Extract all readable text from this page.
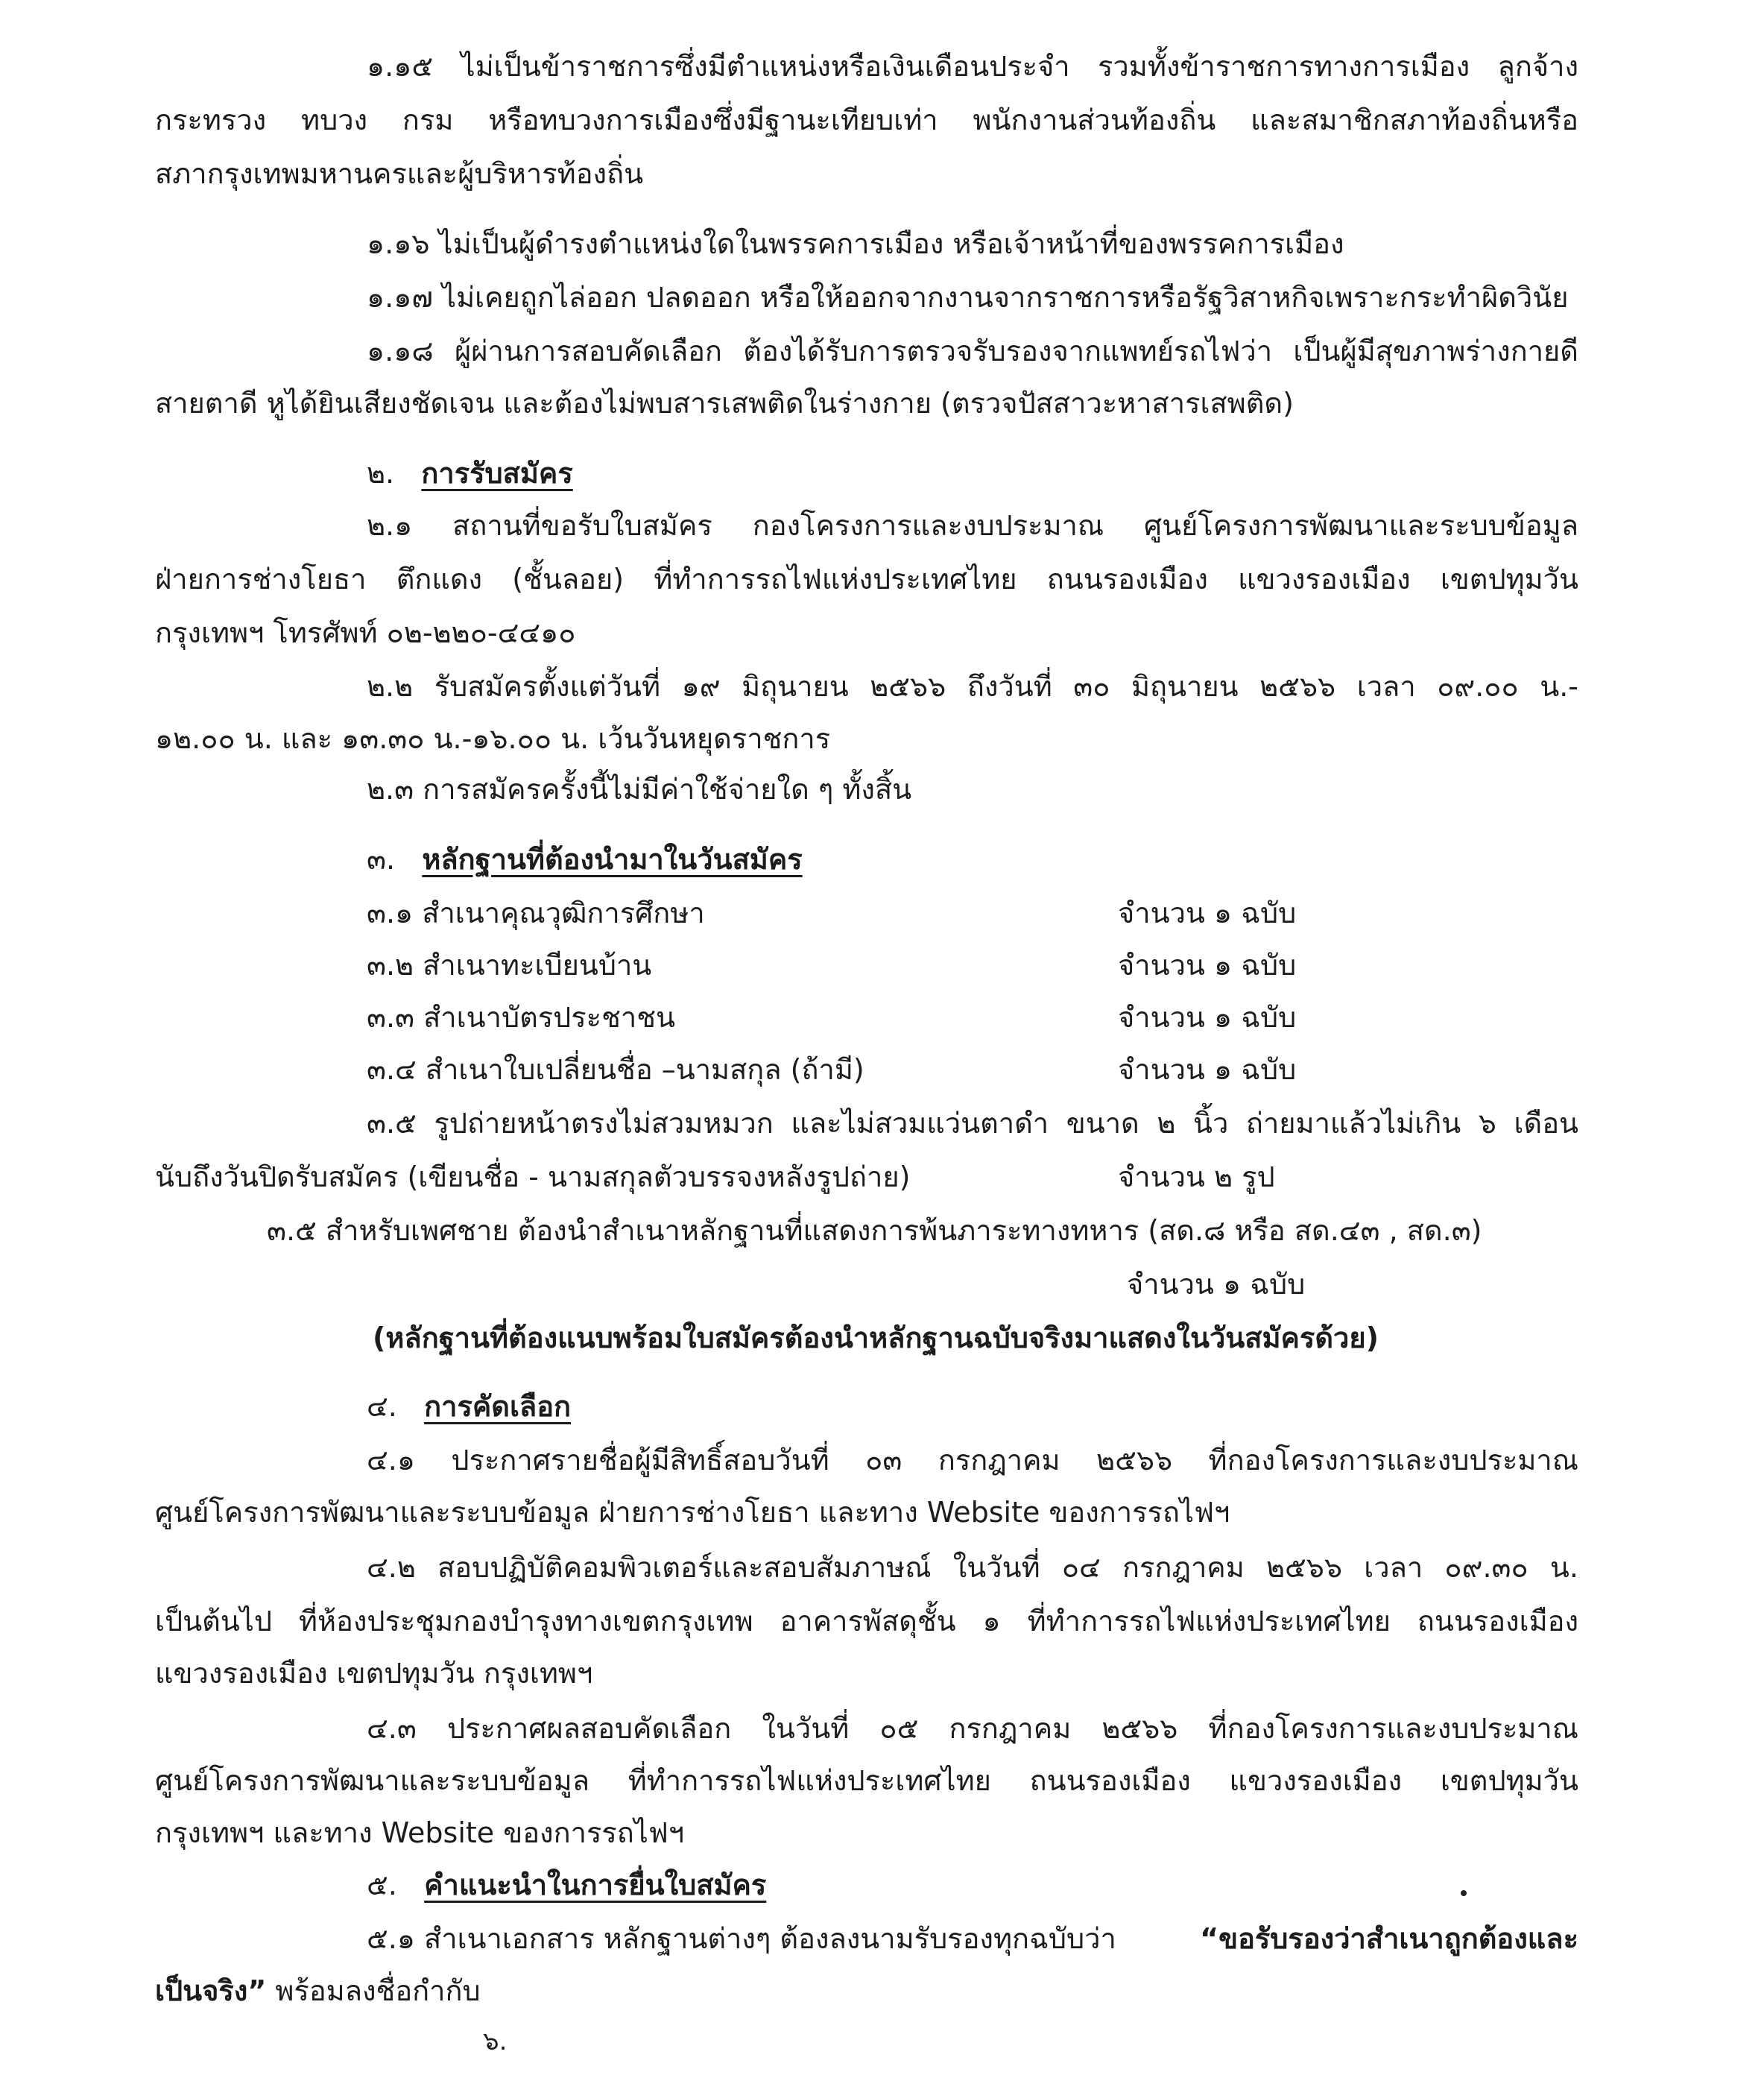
๑.๑๕ ไม่เป็นข้าราชการซึ่งมีตำแหน่งหรือเงินเดือนประจำ รวมทั้งข้าราชการทางการเมือง ลูกจ้าง
กระทรวง ทบวง กรม หรือทบวงการเมืองซึ่งมีฐานะเทียบเท่า พนักงานส่วนท้องถิ่น และสมาชิกสภาท้องถิ่นหรือ
สภากรุงเทพมหานครและผู้บริหารท้องถิ่น
๑.๑๖ ไม่เป็นผู้ดำรงตำแหน่งใดในพรรคการเมือง หรือเจ้าหน้าที่ของพรรคการเมือง
๑.๑๗ ไม่เคยถูกไล่ออก ปลดออก หรือให้ออกจากงานจากราชการหรือรัฐวิสาหกิจเพราะกระทำผิดวินัย
๑.๑๘ ผู้ผ่านการสอบคัดเลือก ต้องได้รับการตรวจรับรองจากแพทย์รถไฟว่า เป็นผู้มีสุขภาพร่างกายดี
สายตาดี หูได้ยินเสียงชัดเจน และต้องไม่พบสารเสพติดในร่างกาย (ตรวจปัสสาวะหาสารเสพติด)
๒. การรับสมัคร
๒.๑ สถานที่ขอรับใบสมัคร กองโครงการและงบประมาณ ศูนย์โครงการพัฒนาและระบบข้อมูล
ฝ่ายการช่างโยธา ตึกแดง (ชั้นลอย) ที่ทำการรถไฟแห่งประเทศไทย ถนนรองเมือง แขวงรองเมือง เขตปทุมวัน
กรุงเทพฯ โทรศัพท์ ๐๒-๒๒๐-๔๔๑๐
๒.๒ รับสมัครตั้งแต่วันที่ ๑๙ มิถุนายน ๒๕๖๖ ถึงวันที่ ๓๐ มิถุนายน ๒๕๖๖ เวลา ๐๙.๐๐ น.-
๑๒.๐๐ น. และ ๑๓.๓๐ น.-๑๖.๐๐ น. เว้นวันหยุดราชการ
๒.๓ การสมัครครั้งนี้ไม่มีค่าใช้จ่ายใด ๆ ทั้งสิ้น
๓. หลักฐานที่ต้องนำมาในวันสมัคร
๓.๑ สำเนาคุณวุฒิการศึกษา	จำนวน ๑ ฉบับ
๓.๒ สำเนาทะเบียนบ้าน	จำนวน ๑ ฉบับ
๓.๓ สำเนาบัตรประชาชน	จำนวน ๑ ฉบับ
๓.๔ สำเนาใบเปลี่ยนชื่อ –นามสกุล (ถ้ามี)	จำนวน ๑ ฉบับ
๓.๕ รูปถ่ายหน้าตรงไม่สวมหมวก และไม่สวมแว่นตาดำ ขนาด ๒ นิ้ว ถ่ายมาแล้วไม่เกิน ๖ เดือน
นับถึงวันปิดรับสมัคร (เขียนชื่อ - นามสกุลตัวบรรจงหลังรูปถ่าย)	จำนวน ๒ รูป
๓.๕ สำหรับเพศชาย ต้องนำสำเนาหลักฐานที่แสดงการพ้นภาระทางทหาร (สด.๘ หรือ สด.๔๓ , สด.๓)
จำนวน ๑ ฉบับ
(หลักฐานที่ต้องแนบพร้อมใบสมัครต้องนำหลักฐานฉบับจริงมาแสดงในวันสมัครด้วย)
๔. การคัดเลือก
๔.๑ ประกาศรายชื่อผู้มีสิทธิ์สอบวันที่ ๐๓ กรกฎาคม ๒๕๖๖ ที่กองโครงการและงบประมาณ
ศูนย์โครงการพัฒนาและระบบข้อมูล ฝ่ายการช่างโยธา และทาง Website ของการรถไฟฯ
๔.๒ สอบปฏิบัติคอมพิวเตอร์และสอบสัมภาษณ์ ในวันที่ ๐๔ กรกฎาคม ๒๕๖๖ เวลา ๐๙.๓๐ น.
เป็นต้นไป ที่ห้องประชุมกองบำรุงทางเขตกรุงเทพ อาคารพัสดุชั้น ๑ ที่ทำการรถไฟแห่งประเทศไทย ถนนรองเมือง
แขวงรองเมือง เขตปทุมวัน กรุงเทพฯ
๔.๓ ประกาศผลสอบคัดเลือก ในวันที่ ๐๕ กรกฎาคม ๒๕๖๖ ที่กองโครงการและงบประมาณ
ศูนย์โครงการพัฒนาและระบบข้อมูล ที่ทำการรถไฟแห่งประเทศไทย ถนนรองเมือง แขวงรองเมือง เขตปทุมวัน
กรุงเทพฯ และทาง Website ของการรถไฟฯ
๕. คำแนะนำในการยื่นใบสมัคร
๕.๑ สำเนาเอกสาร หลักฐานต่างๆ ต้องลงนามรับรองทุกฉบับว่า	“ขอรับรองว่าสำเนาถูกต้องและ
เป็นจริง” พร้อมลงชื่อกำกับ
๖.
